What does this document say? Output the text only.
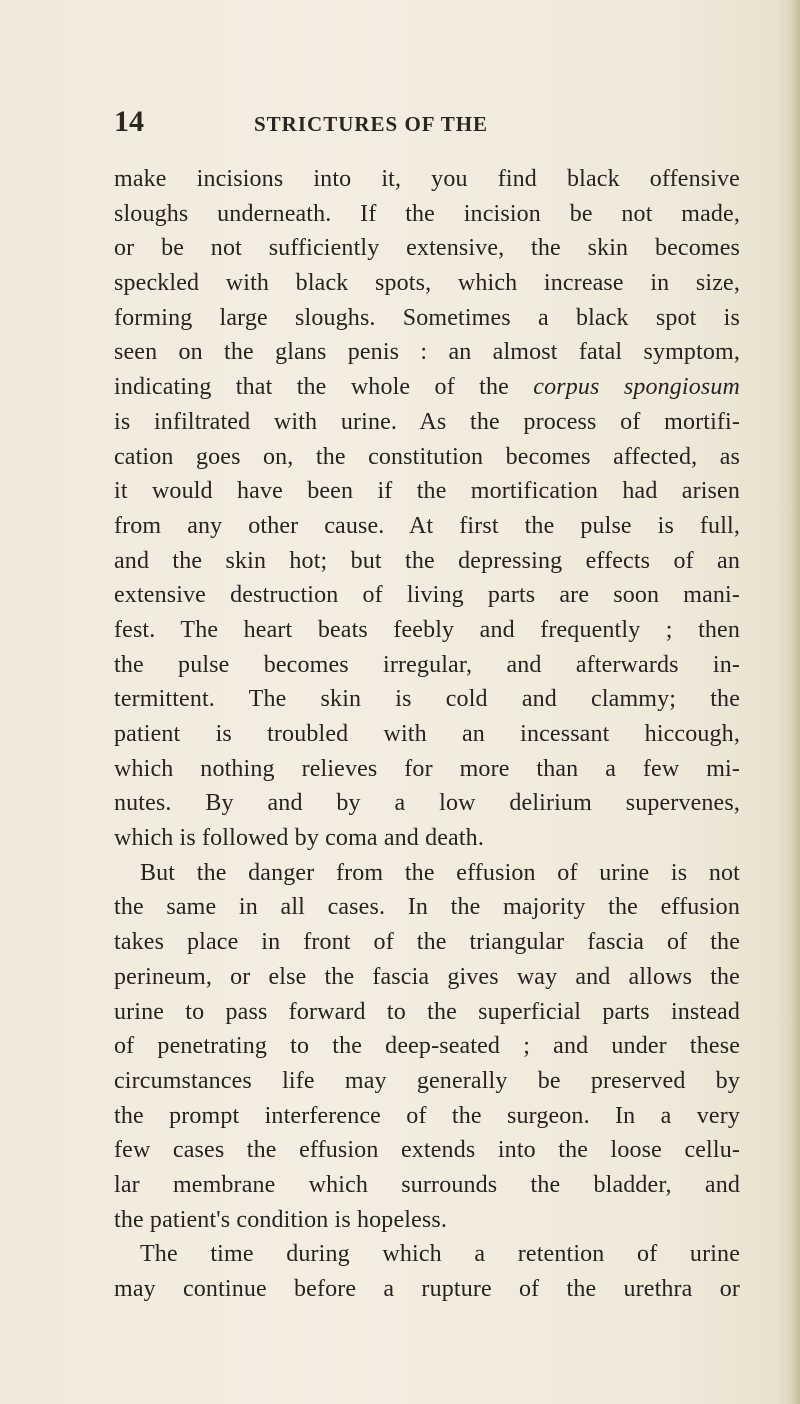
14	STRICTURES OF THE
make incisions into it, you find black offensive
sloughs underneath. If the incision be not made,
or be not sufficiently extensive, the skin becomes
speckled with black spots, which increase in size,
forming large sloughs. Sometimes a black spot is
seen on the glans penis : an almost fatal symptom,
indicating that the whole of the corpus spongiosum
is infiltrated with urine. As the process of mortifi-
cation goes on, the constitution becomes affected, as
it would have been if the mortification had arisen
from any other cause. At first the pulse is full,
and the skin hot; but the depressing effects of an
extensive destruction of living parts are soon mani-
fest. The heart beats feebly and frequently ; then
the pulse becomes irregular, and afterwards in-
termittent. The skin is cold and clammy; the
patient is troubled with an incessant hiccough,
which nothing relieves for more than a few mi-
nutes. By and by a low delirium supervenes,
which is followed by coma and death.
But the danger from the effusion of urine is not
the same in all cases. In the majority the effusion
takes place in front of the triangular fascia of the
perineum, or else the fascia gives way and allows the
urine to pass forward to the superficial parts instead
of penetrating to the deep-seated ; and under these
circumstances life may generally be preserved by
the prompt interference of the surgeon. In a very
few cases the effusion extends into the loose cellu-
lar membrane which surrounds the bladder, and
the patient's condition is hopeless.
The time during which a retention of urine
may continue before a rupture of the urethra or
